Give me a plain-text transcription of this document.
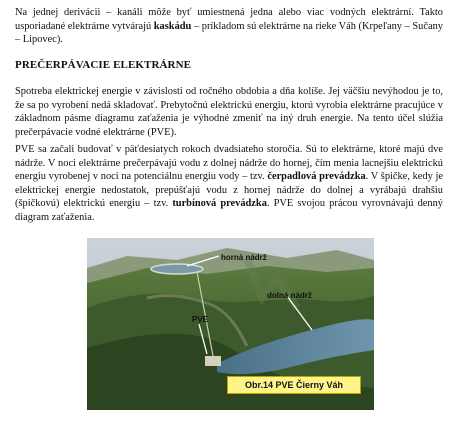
Na jednej derivácii – kanáli môže byť umiestnená jedna alebo viac vodných elektrární. Takto usporiadané elektrárne vytvárajú kaskádu – príkladom sú elektrárne na rieke Váh (Krpeľany – Sučany – Lipovec).

PREČERPÁVACIE ELEKTRÁRNE

Spotreba elektrickej energie v závislosti od ročného obdobia a dňa kolíše. Jej väčšiu nevýhodou je to, že sa po vyrobení nedá skladovať. Prebytočnú elektrickú energiu, ktorú vyrobia elektrárne pracujúce v základnom pásme diagramu zaťaženia je výhodné zmeniť na iný druh energie. Na tento účel slúžia prečerpávacie vodné elektrárne (PVE).

PVE sa začali budovať v päťdesiatych rokoch dvadsiateho storočia. Sú to elektrárne, ktoré majú dve nádrže. V noci elektrárne prečerpávajú vodu z dolnej nádrže do hornej, čím menia lacnejšiu elektrickú energiu vyrobenej v noci na potenciálnu energiu vody – tzv. čerpadlová prevádzka. V špičke, kedy je elektrickej energie nedostatok, prepúšťajú vodu z hornej nádrže do dolnej a vyrábajú drahšiu (špičkovú) elektrickú energiu – tzv. turbínová prevádzka. PVE svojou prácou vyrovnávajú denný diagram zaťaženia.

horná nádrž
dolná nádrž
PVE
Obr.14 PVE Čierny Váh
